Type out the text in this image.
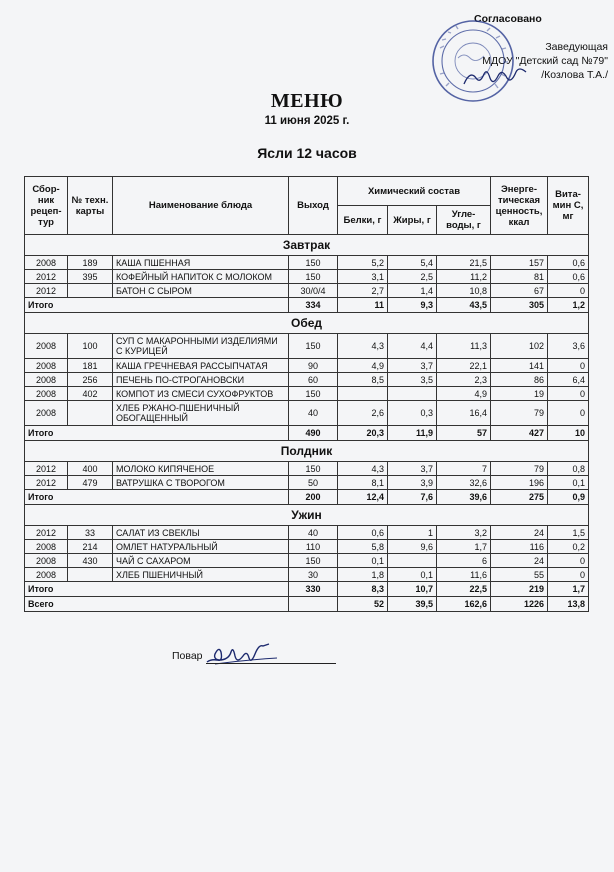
Согласовано
Заведующая
МДОУ "Детский сад №79"
/Козлова Т.А./
МЕНЮ
11 июня 2025 г.
Ясли 12 часов
Сбор-ник рецеп-тур	№ техн. карты	Наименование блюда	Выход	Химический состав			Энерге-тическая ценность, ккал	Вита-мин С, мг
				Белки, г	Жиры, г	Угле-воды, г		
Завтрак								
2008	189	КАША ПШЕННАЯ	150	5,2	5,4	21,5	157	0,6
2012	395	КОФЕЙНЫЙ НАПИТОК С МОЛОКОМ	150	3,1	2,5	11,2	81	0,6
2012		БАТОН С СЫРОМ	30/0/4	2,7	1,4	10,8	67	0
Итого			334	11	9,3	43,5	305	1,2
Обед								
2008	100	СУП С МАКАРОННЫМИ ИЗДЕЛИЯМИ С КУРИЦЕЙ	150	4,3	4,4	11,3	102	3,6
2008	181	КАША ГРЕЧНЕВАЯ РАССЫПЧАТАЯ	90	4,9	3,7	22,1	141	0
2008	256	ПЕЧЕНЬ ПО-СТРОГАНОВСКИ	60	8,5	3,5	2,3	86	6,4
2008	402	КОМПОТ ИЗ СМЕСИ СУХОФРУКТОВ	150			4,9	19	0
2008		ХЛЕБ РЖАНО-ПШЕНИЧНЫЙ ОБОГАЩЕННЫЙ	40	2,6	0,3	16,4	79	0
Итого			490	20,3	11,9	57	427	10
Полдник								
2012	400	МОЛОКО КИПЯЧЕНОЕ	150	4,3	3,7	7	79	0,8
2012	479	ВАТРУШКА С ТВОРОГОМ	50	8,1	3,9	32,6	196	0,1
Итого			200	12,4	7,6	39,6	275	0,9
Ужин								
2012	33	САЛАТ ИЗ СВЕКЛЫ	40	0,6	1	3,2	24	1,5
2008	214	ОМЛЕТ НАТУРАЛЬНЫЙ	110	5,8	9,6	1,7	116	0,2
2008	430	ЧАЙ С САХАРОМ	150	0,1		6	24	0
2008		ХЛЕБ ПШЕНИЧНЫЙ	30	1,8	0,1	11,6	55	0
Итого			330	8,3	10,7	22,5	219	1,7
Всего				52	39,5	162,6	1226	13,8
Повар
